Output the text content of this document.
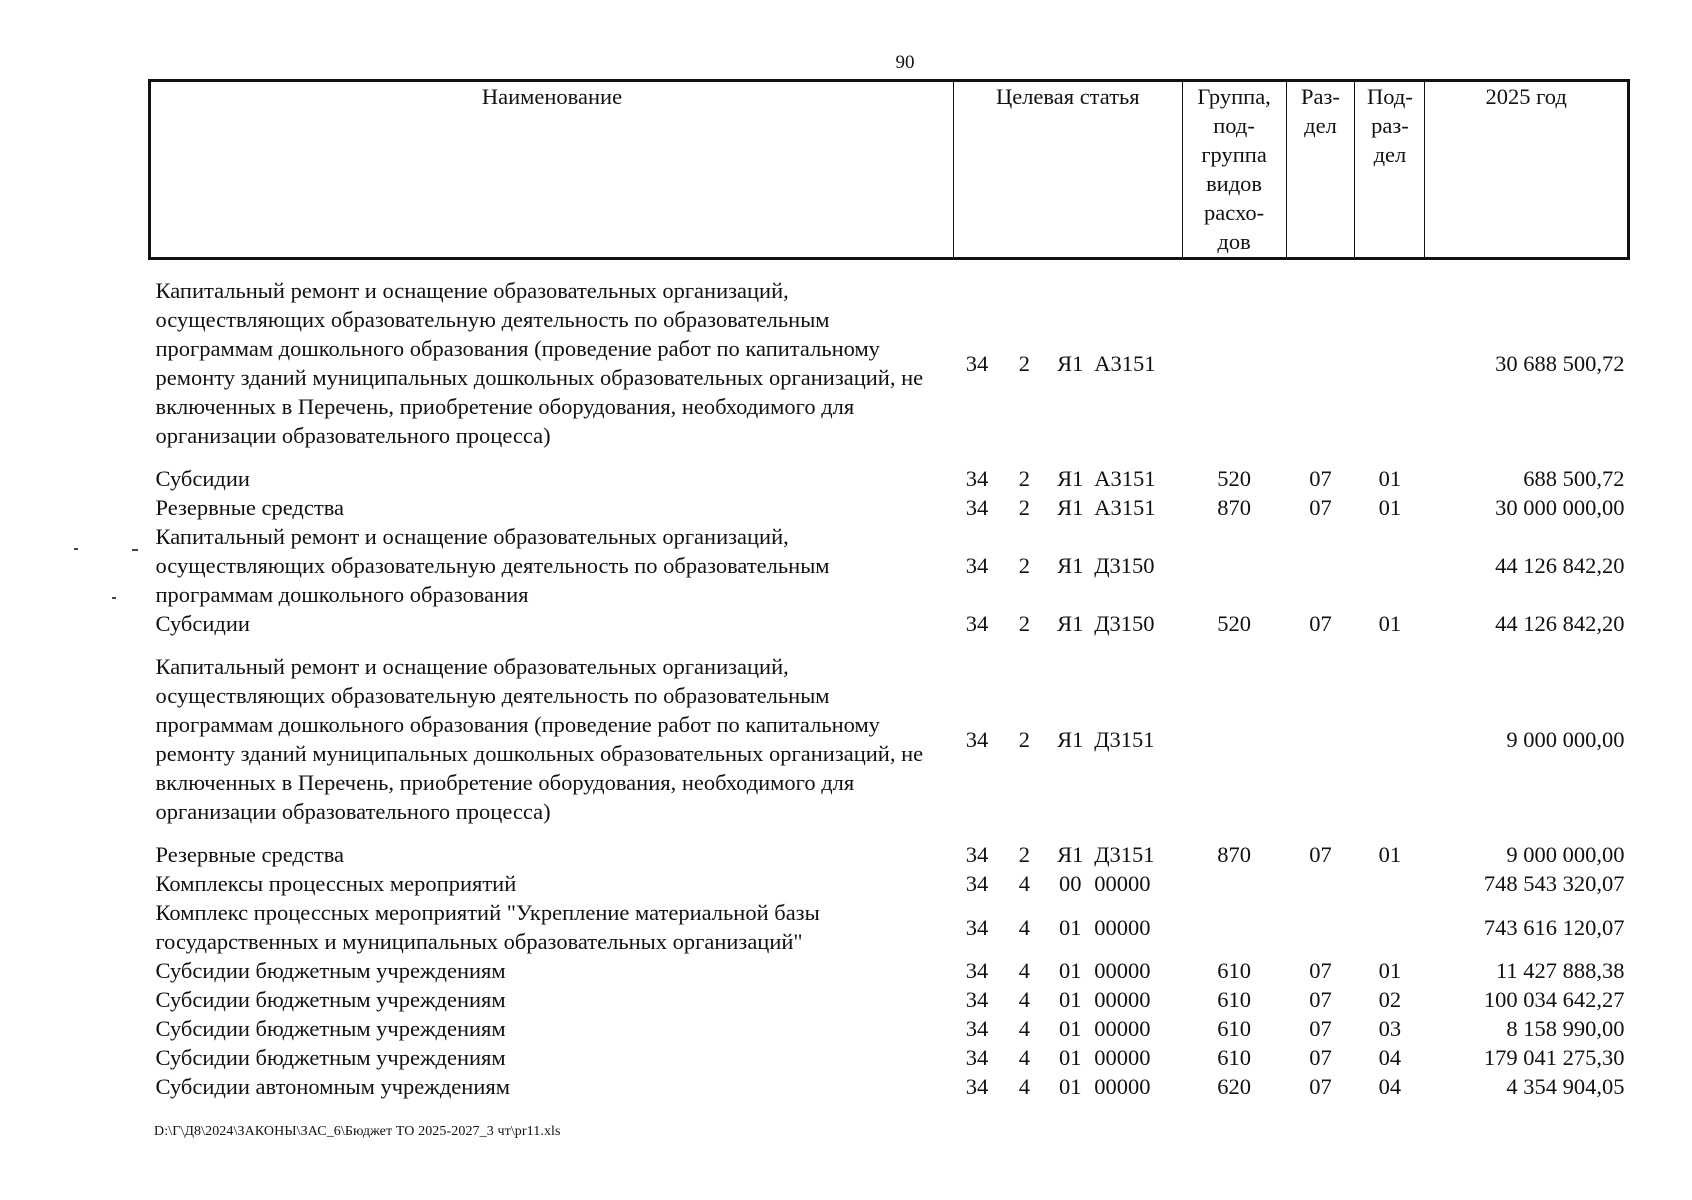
90
Наименование	Целевая статья				Группа, под- группа видов расхо- дов	Раз- дел	Под- раз- дел	2025 год

Капитальный ремонт и оснащение образовательных организаций, осуществляющих образовательную деятельность по образовательным программам дошкольного образования (проведение работ по капитальному ремонту зданий муниципальных дошкольных образовательных организаций, не включенных в Перечень, приобретение оборудования, необходимого для организации образовательного процесса)	34	2	Я1	А3151				30 688 500,72

Субсидии	34	2	Я1	А3151	520	07	01	688 500,72
Резервные средства	34	2	Я1	А3151	870	07	01	30 000 000,00
Капитальный ремонт и оснащение образовательных организаций, осуществляющих образовательную деятельность по образовательным программам дошкольного образования	34	2	Я1	Д3150				44 126 842,20
Субсидии	34	2	Я1	Д3150	520	07	01	44 126 842,20

Капитальный ремонт и оснащение образовательных организаций, осуществляющих образовательную деятельность по образовательным программам дошкольного образования (проведение работ по капитальному ремонту зданий муниципальных дошкольных образовательных организаций, не включенных в Перечень, приобретение оборудования, необходимого для организации образовательного процесса)	34	2	Я1	Д3151				9 000 000,00

Резервные средства	34	2	Я1	Д3151	870	07	01	9 000 000,00
Комплексы процессных мероприятий	34	4	00	00000				748 543 320,07
Комплекс процессных мероприятий "Укрепление материальной базы государственных и муниципальных образовательных организаций"	34	4	01	00000				743 616 120,07
Субсидии бюджетным учреждениям	34	4	01	00000	610	07	01	11 427 888,38
Субсидии бюджетным учреждениям	34	4	01	00000	610	07	02	100 034 642,27
Субсидии бюджетным учреждениям	34	4	01	00000	610	07	03	8 158 990,00
Субсидии бюджетным учреждениям	34	4	01	00000	610	07	04	179 041 275,30
Субсидии автономным учреждениям	34	4	01	00000	620	07	04	4 354 904,05
D:\Г\Д8\2024\ЗАКОНЫ\ЗАС_6\Бюджет ТО 2025-2027_3 чт\pr11.xls
